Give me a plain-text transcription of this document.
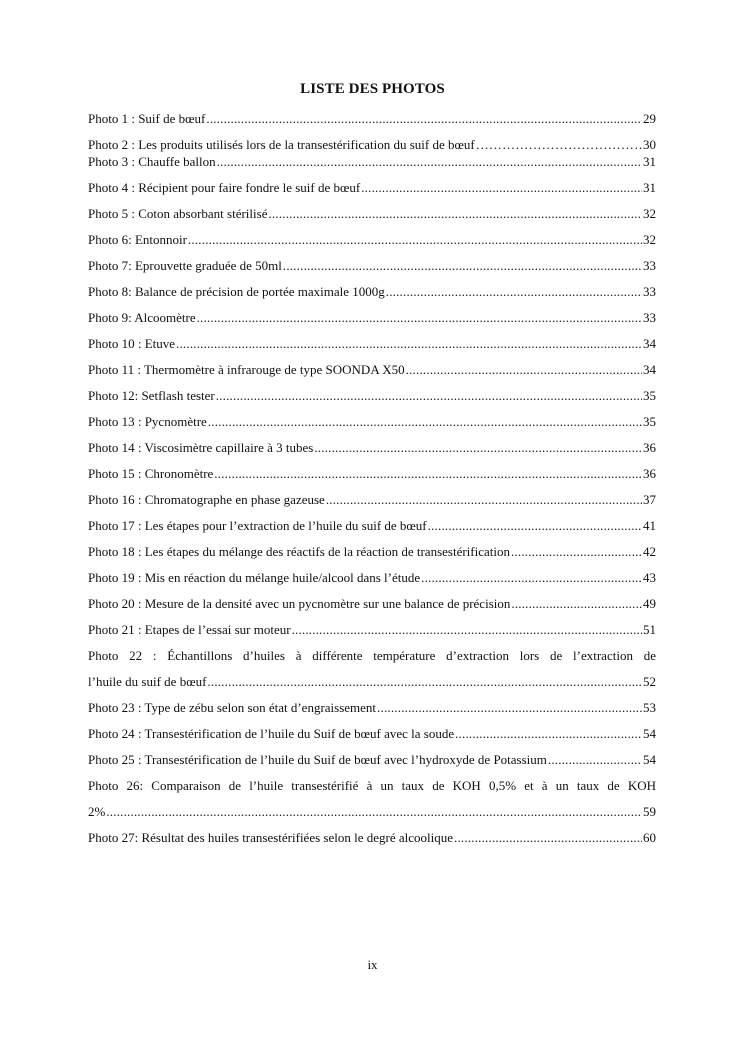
LISTE DES PHOTOS
Photo 1 : Suif de bœuf .....	29
Photo 2 : Les produits utilisés lors de la transestérification du suif de bœuf …………………………………………………………………………………………………	30
Photo 3 : Chauffe ballon .....	31
Photo 4 : Récipient pour faire fondre le suif de bœuf .....	31
Photo 5 : Coton absorbant stérilisé .....	32
Photo 6: Entonnoir .....	32
Photo 7: Eprouvette graduée de 50ml .....	33
Photo 8: Balance de précision de portée maximale 1000g .....	33
Photo 9: Alcoomètre .....	33
Photo 10 : Etuve .....	34
Photo 11 : Thermomètre à infrarouge de type SOONDA X50 .....	34
Photo 12: Setflash tester .....	35
Photo 13 : Pycnomètre .....	35
Photo 14 : Viscosimètre capillaire à 3 tubes .....	36
Photo 15 : Chronomètre .....	36
Photo 16 : Chromatographe en phase gazeuse .....	37
Photo 17 : Les étapes pour l’extraction de l’huile du suif de bœuf .....	41
Photo 18 : Les étapes du mélange des réactifs de la réaction de transestérification .....	42
Photo 19 : Mis en réaction du mélange huile/alcool dans l’étude .....	43
Photo 20 : Mesure de la densité avec un pycnomètre sur une balance de précision .....	49
Photo 21 : Etapes de l’essai sur moteur .....	51
Photo 22 : Échantillons d’huiles à différente température d’extraction lors de l’extraction de
l’huile du suif de bœuf .....	52
Photo 23 : Type de zébu selon son état d’engraissement .....	53
Photo 24 : Transestérification de l’huile du Suif de bœuf avec la soude .....	54
Photo 25 : Transestérification de l’huile du Suif de bœuf avec l’hydroxyde de Potassium .....	54
Photo 26: Comparaison de l’huile transestérifié à un taux de KOH 0,5% et à un taux de KOH
2% .....	59
Photo 27: Résultat des huiles transestérifiées selon le degré alcoolique .....	60
ix
